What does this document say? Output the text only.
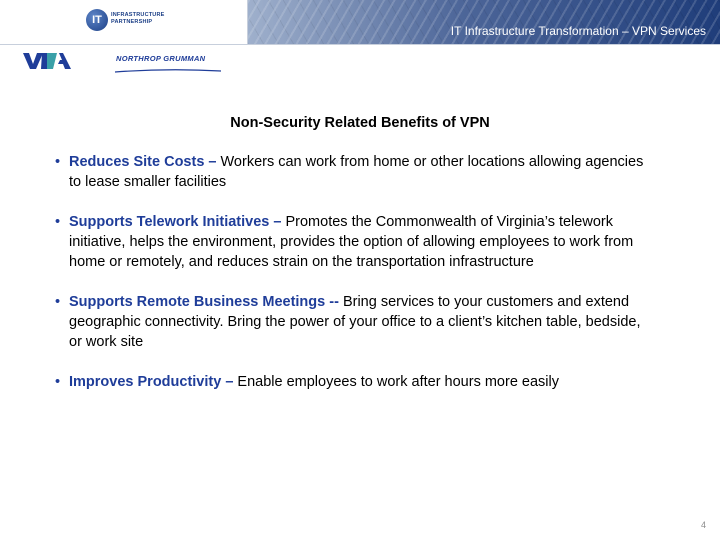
IT	INFRASTRUCTURE
PARTNERSHIP
IT Infrastructure Transformation – VPN Services
NORTHROP GRUMMAN
Non-Security Related Benefits of VPN
• Reduces Site Costs – Workers can work from home or other locations allowing agencies to lease smaller facilities
• Supports Telework Initiatives – Promotes the Commonwealth of Virginia’s telework initiative, helps the environment, provides the option of allowing employees to work from home or remotely, and reduces strain on the transportation infrastructure
• Supports Remote Business Meetings -- Bring services to your customers and extend geographic connectivity. Bring the power of your office to a client’s kitchen table, bedside, or work site
• Improves Productivity – Enable employees to work after hours more easily
4
